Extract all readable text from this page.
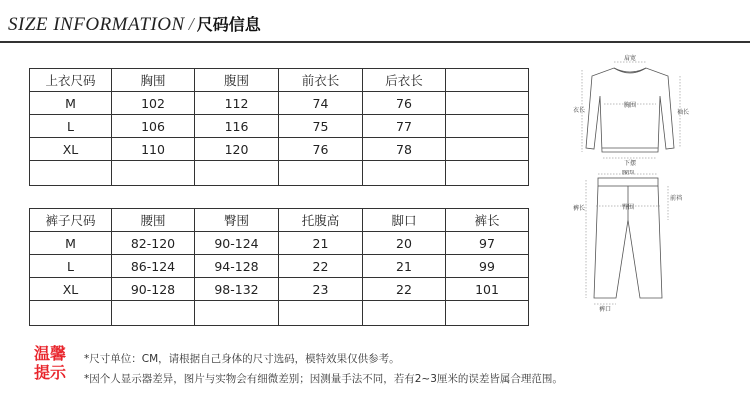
SIZE INFORMATION / 尺码信息
上衣尺码	胸围	腹围	前衣长	后衣长	
M	102	112	74	76	
L	106	116	75	77	
XL	110	120	76	78	

裤子尺码	腰围	臀围	托腹高	脚口	裤长
M	82-120	90-124	21	20	97
L	86-124	94-128	22	21	99
XL	90-128	98-132	23	22	101

肩宽
胸围
衣长	袖长
下摆
腰围
臀围
前裆
裤长
裤口
温馨
提示
*尺寸单位：CM，请根据自己身体的尺寸选码，模特效果仅供参考。
*因个人显示器差异，图片与实物会有细微差别；因测量手法不同，若有2~3厘米的误差皆属合理范围。
